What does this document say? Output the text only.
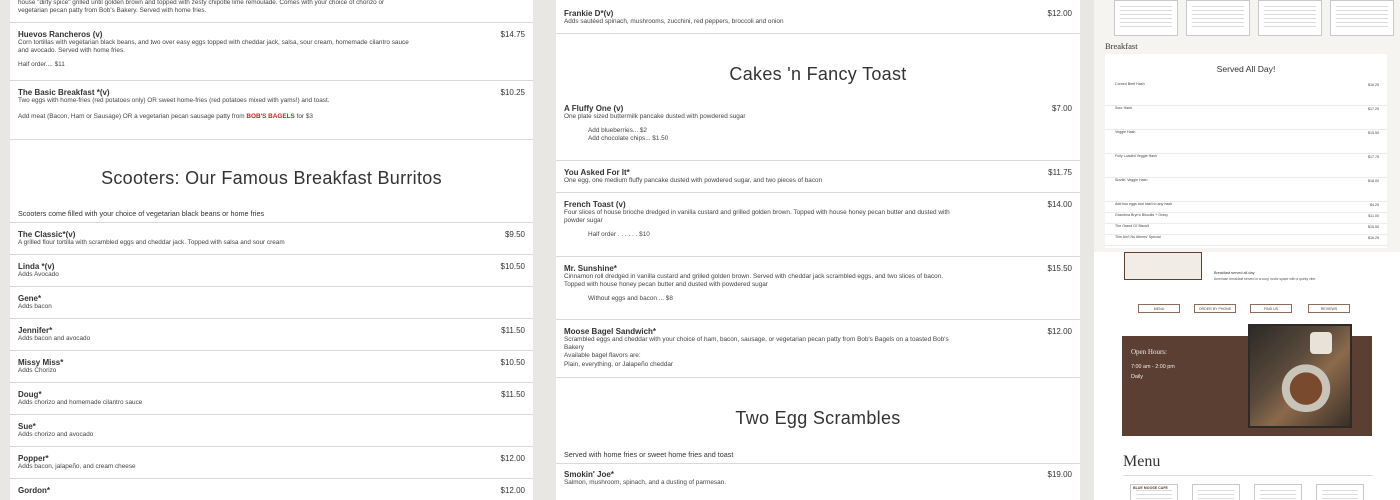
house "dirty spice" grilled until golden brown and topped with zesty chipotle lime remoulade. Comes with your choice of chorizo or vegetarian pecan patty from Bob's Bakery. Served with home fries.
Huevos Rancheros (v)	$14.75
Corn tortillas with vegetarian black beans, and two over easy eggs topped with cheddar jack, salsa, sour cream, homemade cilantro sauce and avocado. Served with home fries.
Half order.... $11
The Basic Breakfast *(v)	$10.25
Two eggs with home-fries (red potatoes only) OR sweet home-fries (red potatoes mixed with yams!) and toast.
Add meat (Bacon, Ham or Sausage) OR a vegetarian pecan sausage patty from BOB'S BAGELS for $3
Scooters: Our Famous Breakfast Burritos
Scooters come filled with your choice of vegetarian black beans or home fries
The Classic*(v)	$9.50
A grilled flour tortilla with scrambled eggs and cheddar jack. Topped with salsa and sour cream
Linda *(v)	$10.50
Adds Avocado
Gene*
Adds bacon
Jennifer*	$11.50
Adds bacon and avocado
Missy Miss*	$10.50
Adds Chorizo
Doug*	$11.50
Adds chorizo and homemade cilantro sauce
Sue*
Adds chorizo and avocado
Popper*	$12.00
Adds bacon, jalapeño, and cream cheese
Gordon*	$12.00
Frankie D*(v)	$12.00
Adds sautéed spinach, mushrooms, zucchini, red peppers, broccoli and onion
Cakes 'n Fancy Toast
A Fluffy One (v)	$7.00
One plate sized buttermilk pancake dusted with powdered sugar
Add blueberries... $2
Add chocolate chips... $1.50
You Asked For It*	$11.75
One egg, one medium fluffy pancake dusted with powdered sugar, and two pieces of bacon
French Toast (v)	$14.00
Four slices of house brioche dredged in vanilla custard and grilled golden brown. Topped with house honey pecan butter and dusted with powder sugar
Half order . . . . . . $10
Mr. Sunshine*	$15.50
Cinnamon roll dredged in vanilla custard and grilled golden brown. Served with cheddar jack scrambled eggs, and two slices of bacon. Topped with house honey pecan butter and dusted with powdered sugar
Without eggs and bacon ... $8
Moose Bagel Sandwich*	$12.00
Scrambled eggs and cheddar with your choice of ham, bacon, sausage, or vegetarian pecan patty from Bob's Bagels on a toasted Bob's Bakery
Available bagel flavors are:
Plain, everything, or Jalapeño cheddar
Two Egg Scrambles
Served with home fries or sweet home fries and toast
Smokin' Joe*	$19.00
Salmon, mushroom, spinach, and a dusting of parmesan.
Breakfast
Served All Day!
Corned Beef Hash	$16.25
Sour Hash	$17.25
Veggie Hash	$15.50
Fully Loaded Veggie Hash	$17.75
Sizzlin' Veggie Hash	$18.00
Add two eggs and hash to any hash	$4.25
Grandma Bryn's Biscuits + Gravy	$11.00
The Grand Ol' Biscuit	$15.50
This Ain't No Athens' Special	$16.25
Breakfast served all day
American breakfast served in a cozy, rustic space with a quirky vibe.
MENU	ORDER BY PHONE	FIND US	REVIEWS
Open Hours:
7:00 am - 2:00 pm
Daily
Menu
BLUE MOOSE CAFE
